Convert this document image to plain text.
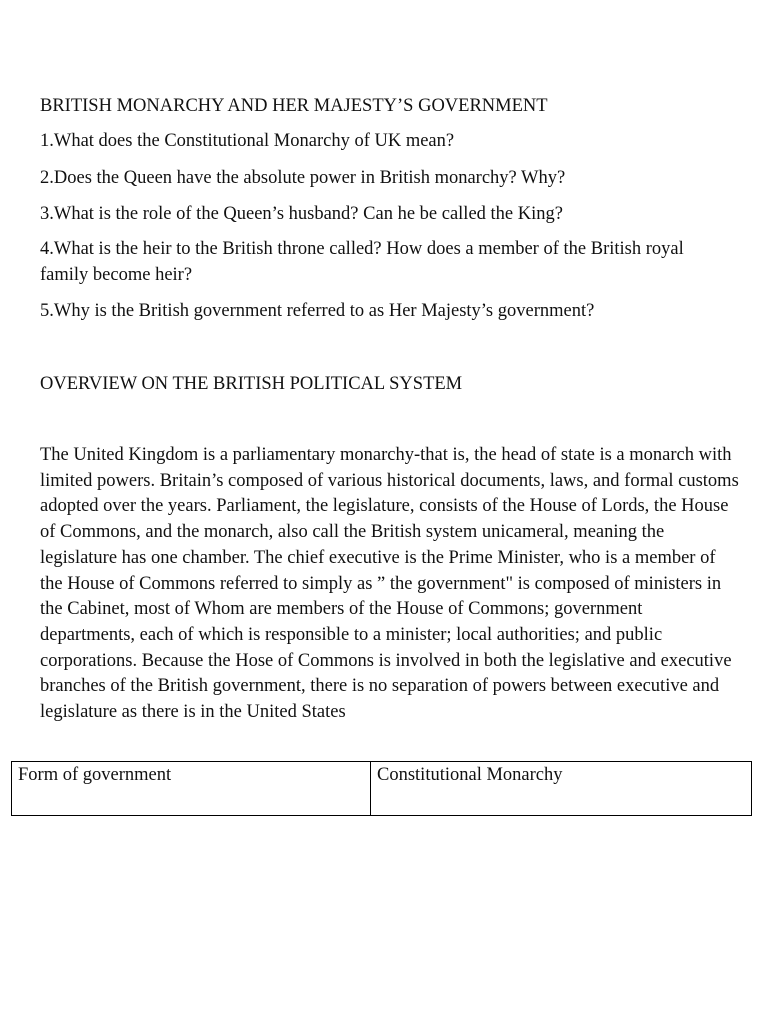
BRITISH MONARCHY AND HER MAJESTY’S GOVERNMENT

1.What does the Constitutional Monarchy of UK mean?

2.Does the Queen have the absolute power in British monarchy? Why?

3.What is the role of the Queen’s husband? Can he be called the King?

4.What is the heir to the British throne called? How does a member of the British royal family become heir?

5.Why is the British government referred to as Her Majesty’s government?

OVERVIEW ON THE BRITISH POLITICAL SYSTEM

The United Kingdom is a parliamentary monarchy-that is, the head of state is a monarch with limited powers. Britain’s composed of various historical documents, laws, and formal customs adopted over the years. Parliament, the legislature, consists of the House of Lords, the House of Commons, and the monarch, also call the British system unicameral, meaning the legislature has one chamber. The chief executive is the Prime Minister, who is a member of the House of Commons referred to simply as ” the government" is composed of ministers in the Cabinet, most of Whom are members of the House of Commons; government departments, each of which is responsible to a minister; local authorities; and public corporations. Because the Hose of Commons is involved in both the legislative and executive branches of the British government, there is no separation of powers between executive and legislature as there is in the United States

Form of government	Constitutional Monarchy
